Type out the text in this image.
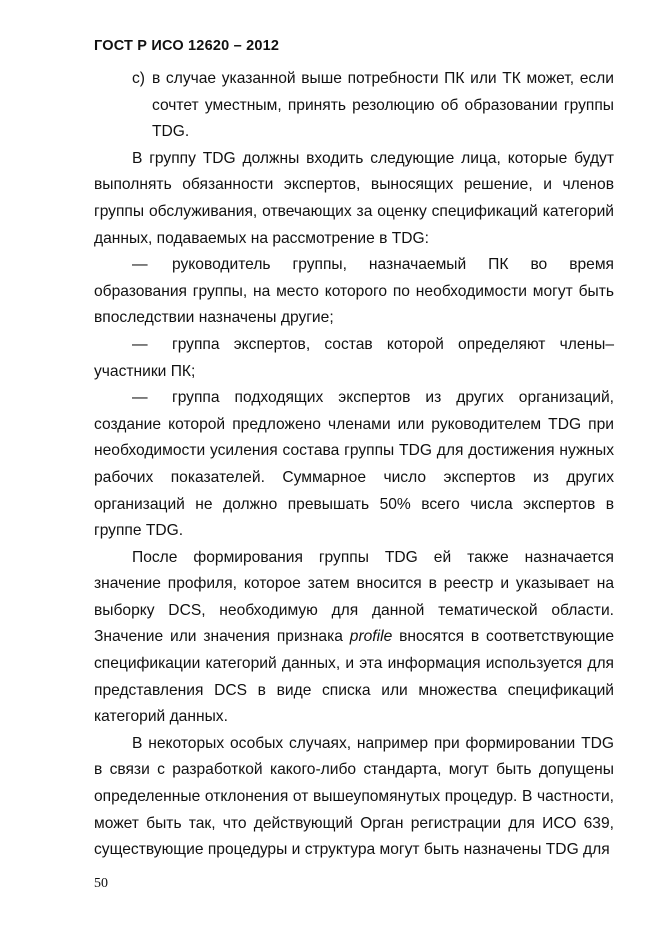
ГОСТ Р ИСО 12620 – 2012

c) в случае указанной выше потребности ПК или ТК может, если сочтет уместным, принять резолюцию об образовании группы TDG.

В группу TDG должны входить следующие лица, которые будут выполнять обязанности экспертов, выносящих решение, и членов группы обслуживания, отвечающих за оценку спецификаций категорий данных, подаваемых на рассмотрение в TDG:

— руководитель группы, назначаемый ПК во время образования группы, на место которого по необходимости могут быть впоследствии назначены другие;

— группа экспертов, состав которой определяют члены–участники ПК;

— группа подходящих экспертов из других организаций, создание которой предложено членами или руководителем TDG при необходимости усиления состава группы TDG для достижения нужных рабочих показателей. Суммарное число экспертов из других организаций не должно превышать 50% всего числа экспертов в группе TDG.

После формирования группы TDG ей также назначается значение профиля, которое затем вносится в реестр и указывает на выборку DCS, необходимую для данной тематической области. Значение или значения признака profile вносятся в соответствующие спецификации категорий данных, и эта информация используется для представления DCS в виде списка или множества спецификаций категорий данных.

В некоторых особых случаях, например при формировании TDG в связи с разработкой какого-либо стандарта, могут быть допущены определенные отклонения от вышеупомянутых процедур. В частности, может быть так, что действующий Орган регистрации для ИСО 639, существующие процедуры и структура могут быть назначены TDG для

50
